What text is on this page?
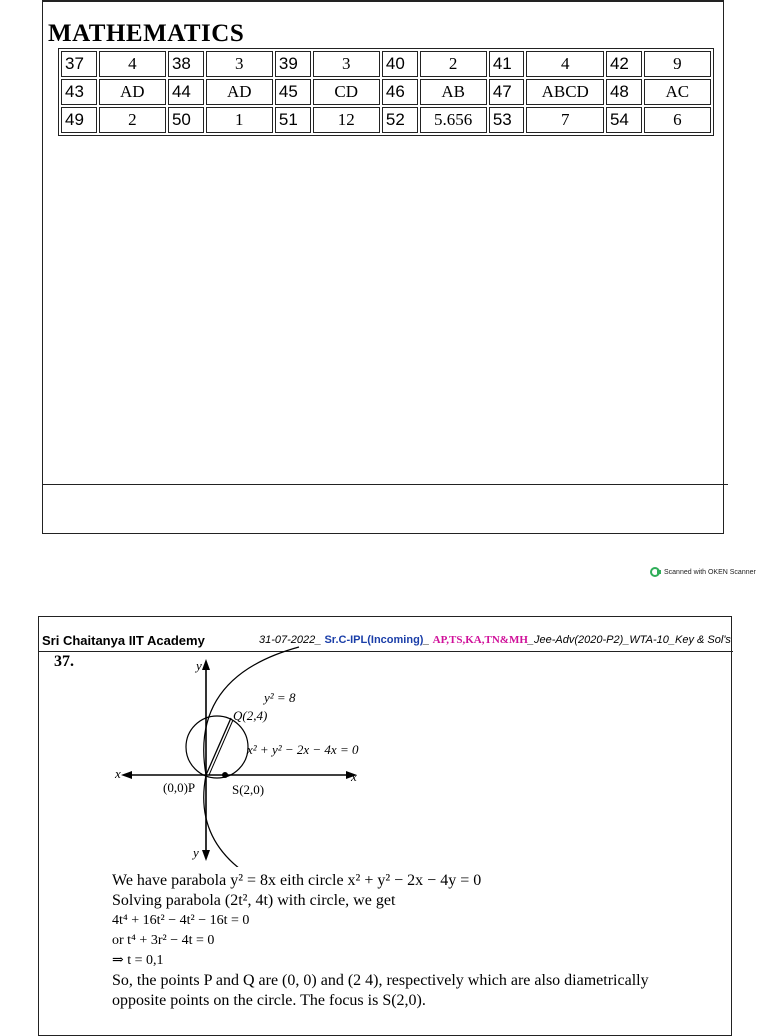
MATHEMATICS
37	4	38	3	39	3	40	2	41	4	42	9
43	AD	44	AD	45	CD	46	AB	47	ABCD	48	AC
49	2	50	1	51	12	52	5.656	53	7	54	6
Scanned with OKEN Scanner
Sri Chaitanya IIT Academy	31-07-2022_ Sr.C-IPL(Incoming)_ AP,TS,KA,TN&MH_Jee-Adv(2020-P2)_WTA-10_Key & Sol's
37.	y
y
x
x
y² = 8
Q(2,4)
x² + y² − 2x − 4x = 0
(0,0)P	S(2,0)
We have parabola y² = 8x eith circle x² + y² − 2x − 4y = 0
Solving parabola (2t², 4t) with circle, we get
4t⁴ + 16t² − 4t² − 16t = 0
or t⁴ + 3r² − 4t = 0
⇒ t = 0,1
So, the points P and Q are (0, 0) and (2 4), respectively which are also diametrically
opposite points on the circle. The focus is S(2,0).
